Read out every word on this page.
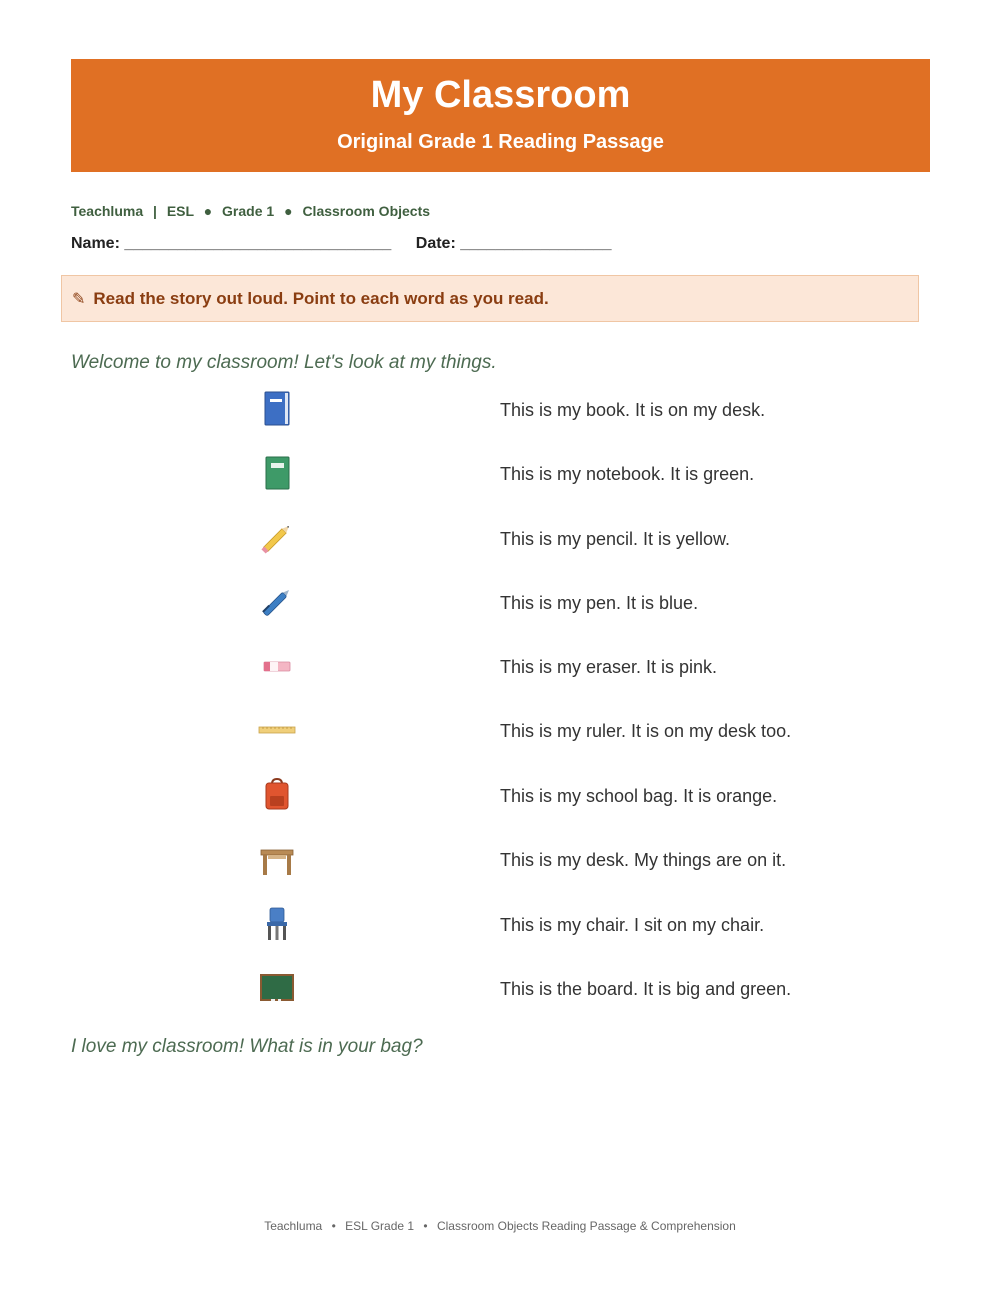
My Classroom
Original Grade 1 Reading Passage
Teachluma | ESL ● Grade 1 ● Classroom Objects
Name: ______________________________ Date: _________________
✎ Read the story out loud. Point to each word as you read.
Welcome to my classroom! Let's look at my things.
This is my book. It is on my desk.
This is my notebook. It is green.
This is my pencil. It is yellow.
This is my pen. It is blue.
This is my eraser. It is pink.
This is my ruler. It is on my desk too.
This is my school bag. It is orange.
This is my desk. My things are on it.
This is my chair. I sit on my chair.
This is the board. It is big and green.
I love my classroom! What is in your bag?
Teachluma • ESL Grade 1 • Classroom Objects Reading Passage & Comprehension
